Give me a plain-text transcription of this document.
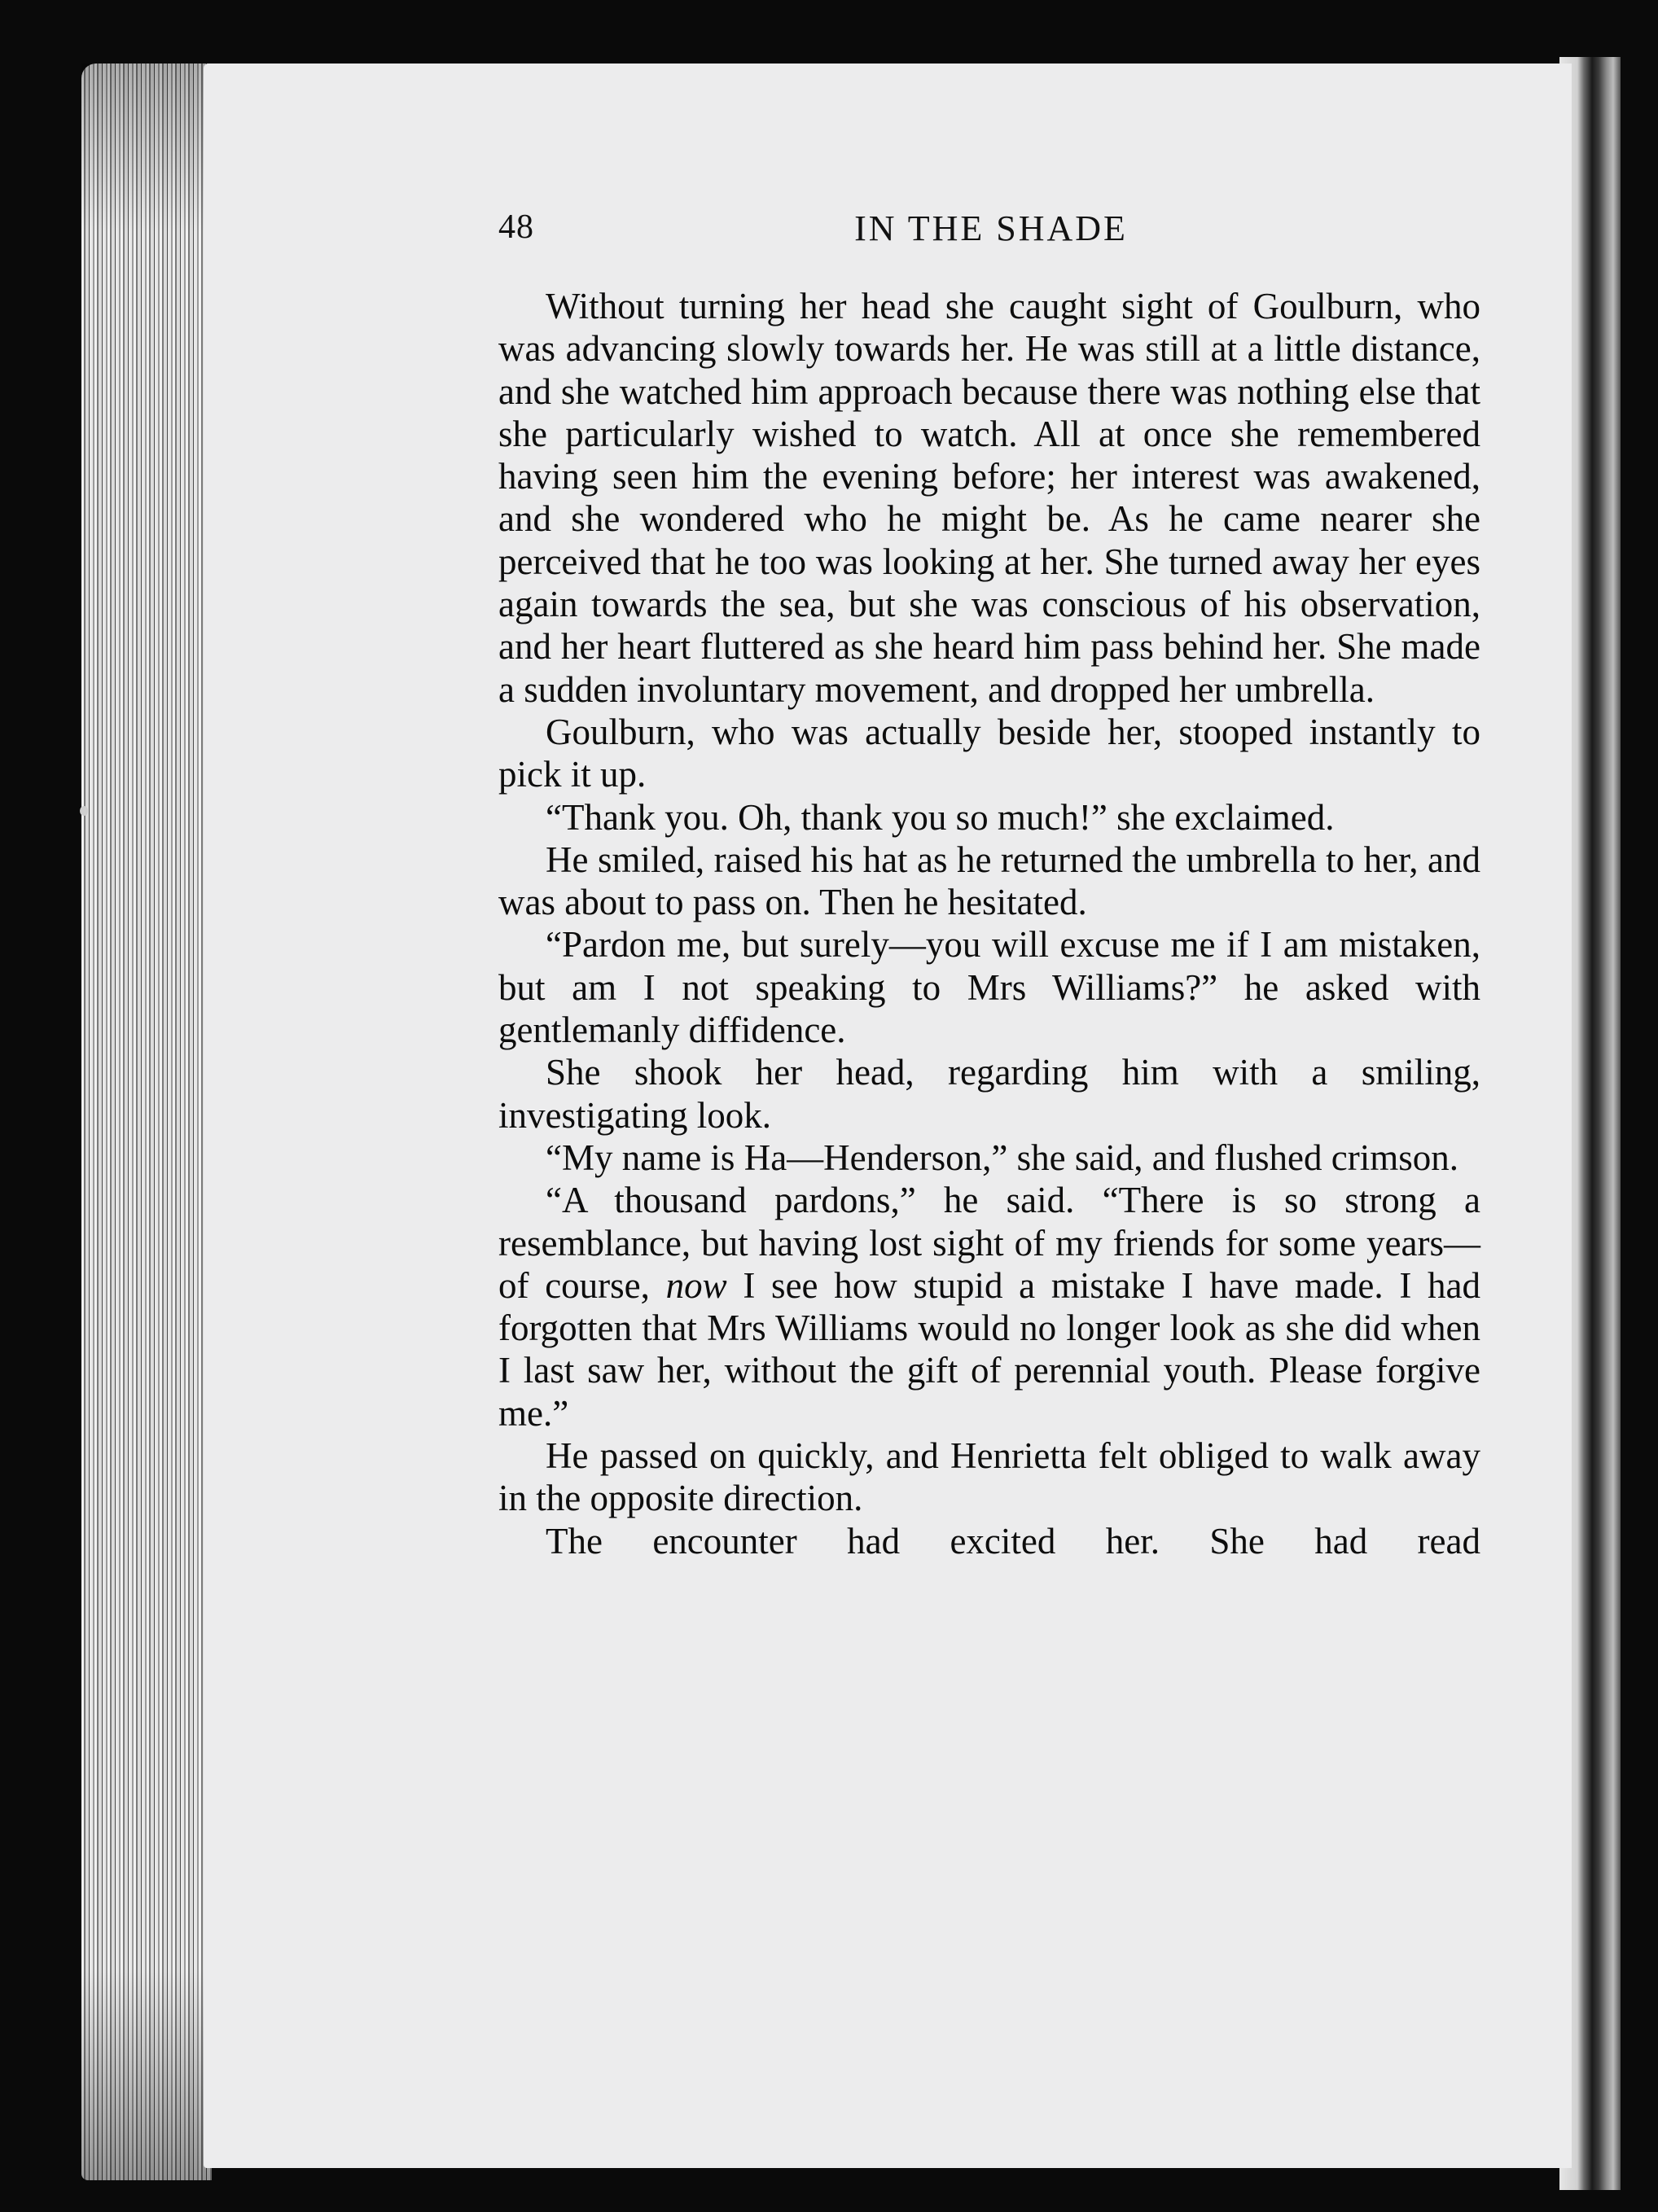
48	IN THE SHADE

Without turning her head she caught sight of Goulburn, who was advancing slowly towards her. He was still at a little distance, and she watched him approach because there was nothing else that she particularly wished to watch. All at once she remembered having seen him the evening before; her interest was awakened, and she wondered who he might be. As he came nearer she perceived that he too was looking at her. She turned away her eyes again towards the sea, but she was conscious of his observation, and her heart fluttered as she heard him pass behind her. She made a sudden involuntary movement, and dropped her umbrella.

Goulburn, who was actually beside her, stooped instantly to pick it up.

“Thank you. Oh, thank you so much!” she exclaimed.

He smiled, raised his hat as he returned the umbrella to her, and was about to pass on. Then he hesitated.

“Pardon me, but surely—you will excuse me if I am mistaken, but am I not speaking to Mrs Williams?” he asked with gentlemanly diffidence.

She shook her head, regarding him with a smiling, investigating look.

“My name is Ha—Henderson,” she said, and flushed crimson.

“A thousand pardons,” he said. “There is so strong a resemblance, but having lost sight of my friends for some years—of course, now I see how stupid a mistake I have made. I had forgotten that Mrs Williams would no longer look as she did when I last saw her, without the gift of perennial youth. Please forgive me.”

He passed on quickly, and Henrietta felt obliged to walk away in the opposite direction.

The encounter had excited her. She had read
